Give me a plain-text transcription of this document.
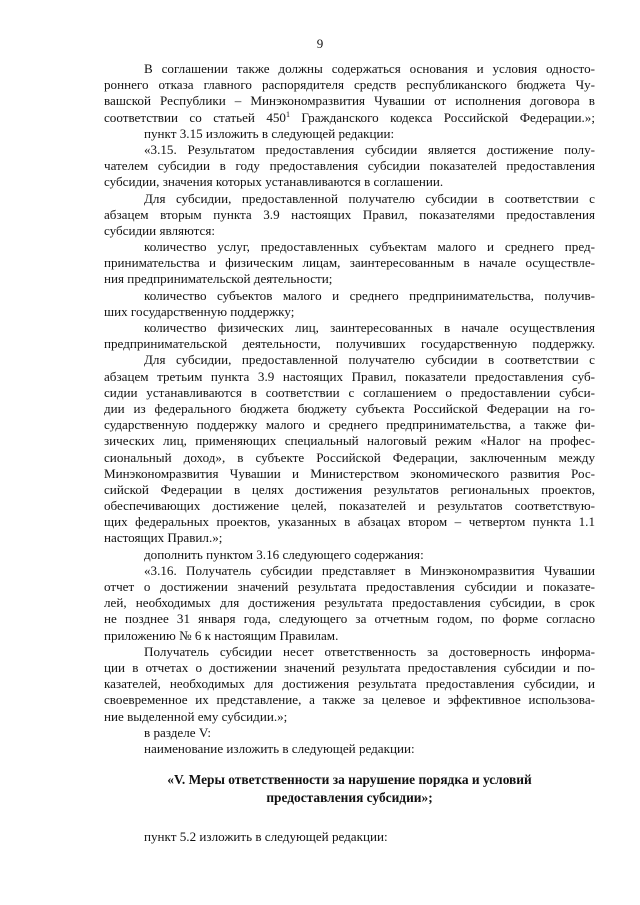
9
В соглашении также должны содержаться основания и условия односто-
роннего отказа главного распорядителя средств республиканского бюджета Чу-
вашской Республики – Минэкономразвития Чувашии от исполнения договора в
соответствии со статьей $450^1$ Гражданского кодекса Российской Федерации.»;
пункт 3.15 изложить в следующей редакции:
«3.15. Результатом предоставления субсидии является достижение полу-
чателем субсидии в году предоставления субсидии показателей предоставления
субсидии, значения которых устанавливаются в соглашении.
Для субсидии, предоставленной получателю субсидии в соответствии с
абзацем вторым пункта 3.9 настоящих Правил, показателями предоставления
субсидии являются:
количество услуг, предоставленных субъектам малого и среднего пред-
принимательства и физическим лицам, заинтересованным в начале осуществле-
ния предпринимательской деятельности;
количество субъектов малого и среднего предпринимательства, получив-
ших государственную поддержку;
количество физических лиц, заинтересованных в начале осуществления
предпринимательской деятельности, получивших государственную поддержку.
Для субсидии, предоставленной получателю субсидии в соответствии с
абзацем третьим пункта 3.9 настоящих Правил, показатели предоставления суб-
сидии устанавливаются в соответствии с соглашением о предоставлении субси-
дии из федерального бюджета бюджету субъекта Российской Федерации на го-
сударственную поддержку малого и среднего предпринимательства, а также фи-
зических лиц, применяющих специальный налоговый режим «Налог на профес-
сиональный доход», в субъекте Российской Федерации, заключенным между
Минэкономразвития Чувашии и Министерством экономического развития Рос-
сийской Федерации в целях достижения результатов региональных проектов,
обеспечивающих достижение целей, показателей и результатов соответствую-
щих федеральных проектов, указанных в абзацах втором – четвертом пункта 1.1
настоящих Правил.»;
дополнить пунктом 3.16 следующего содержания:
«3.16. Получатель субсидии представляет в Минэкономразвития Чувашии
отчет о достижении значений результата предоставления субсидии и показате-
лей, необходимых для достижения результата предоставления субсидии, в срок
не позднее 31 января года, следующего за отчетным годом, по форме согласно
приложению № 6 к настоящим Правилам.
Получатель субсидии несет ответственность за достоверность информа-
ции в отчетах о достижении значений результата предоставления субсидии и по-
казателей, необходимых для достижения результата предоставления субсидии, и
своевременное их представление, а также за целевое и эффективное использова-
ние выделенной ему субсидии.»;
в разделе V:
наименование изложить в следующей редакции:
«V. Меры ответственности за нарушение порядка и условий
предоставления субсидии»;
пункт 5.2 изложить в следующей редакции:
